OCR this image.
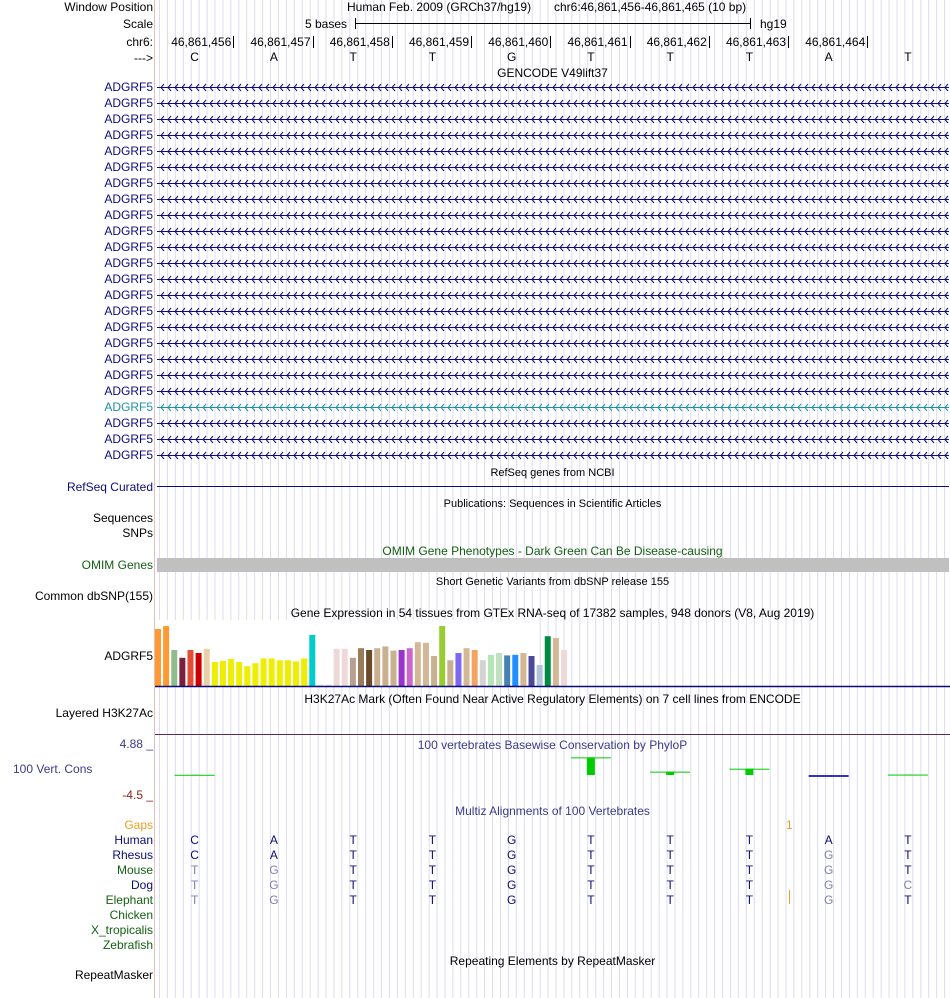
Window Position
Scale
chr6:
--->
Human Feb. 2009 (GRCh37/hg19) chr6:46,861,456-46,861,465 (10 bp)
5 bases	hg19
46,861,456	46,861,457	46,861,458	46,861,459	46,861,460	46,861,461	46,861,462	46,861,463	46,861,464
C	A	T	T	G	T	T	T	A	T
GENCODE V49lift37
ADGRF5
ADGRF5
ADGRF5
ADGRF5
ADGRF5
ADGRF5
ADGRF5
ADGRF5
ADGRF5
ADGRF5
ADGRF5
ADGRF5
ADGRF5
ADGRF5
ADGRF5
ADGRF5
ADGRF5
ADGRF5
ADGRF5
ADGRF5
ADGRF5
ADGRF5
ADGRF5
ADGRF5
RefSeq genes from NCBI
RefSeq Curated
Publications: Sequences in Scientific Articles
Sequences
SNPs
OMIM Gene Phenotypes - Dark Green Can Be Disease-causing
OMIM Genes
Short Genetic Variants from dbSNP release 155
Common dbSNP(155)
Gene Expression in 54 tissues from GTEx RNA-seq of 17382 samples, 948 donors (V8, Aug 2019)
ADGRF5
H3K27Ac Mark (Often Found Near Active Regulatory Elements) on 7 cell lines from ENCODE
Layered H3K27Ac
100 vertebrates Basewise Conservation by PhyloP
4.88 _
100 Vert. Cons
-4.5 _
Multiz Alignments of 100 Vertebrates
Gaps	1
Human	C	A	T	T	G	T	T	T	A	T
Rhesus	C	A	T	T	G	T	T	T	G	T
Mouse	T	G	T	T	G	T	T	T	G	T
Dog	T	G	T	T	G	T	T	T	G	C
Elephant	T	G	T	T	G	T	T	T	G	T
Chicken
X_tropicalis
Zebrafish
Repeating Elements by RepeatMasker
RepeatMasker
